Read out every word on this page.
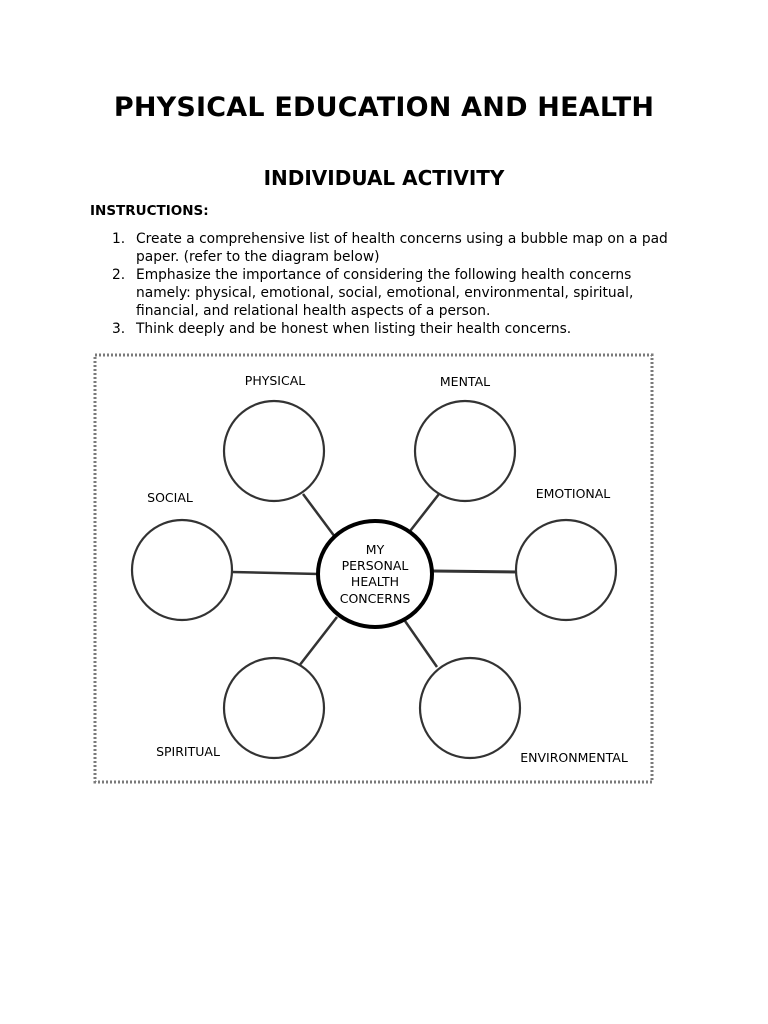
PHYSICAL EDUCATION AND HEALTH
INDIVIDUAL ACTIVITY
INSTRUCTIONS:
1. Create a comprehensive list of health concerns using a bubble map on a pad
paper. (refer to the diagram below)
2. Emphasize the importance of considering the following health concerns
namely: physical, emotional, social, emotional, environmental, spiritual,
financial, and relational health aspects of a person.
3. Think deeply and be honest when listing their health concerns.
MY
PERSONAL
HEALTH
CONCERNS
PHYSICAL	MENTAL
SOCIAL	EMOTIONAL
SPIRITUAL	ENVIRONMENTAL
